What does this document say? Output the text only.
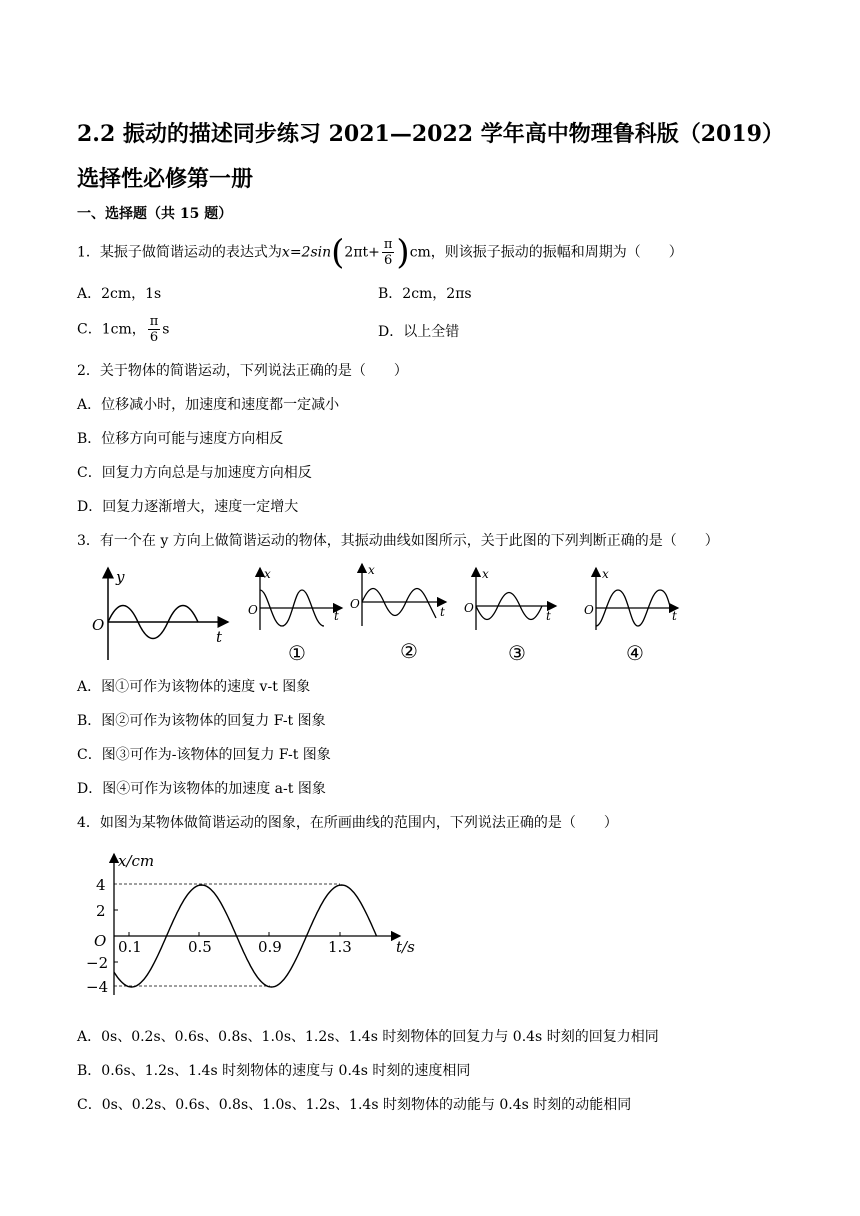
2.2 振动的描述同步练习 2021—2022 学年高中物理鲁科版（2019）选择性必修第一册
一、选择题（共 15 题）
1．某振子做简谐运动的表达式为$x=2\sin(2\pi t+ \frac{\pi}{6} )cm$，则该振子振动的振幅和周期为（　　）
A．2cm，1s	B．2cm，2πs
C．1cm， $\frac{\pi}{6}$ s	D．以上全错
2．关于物体的简谐运动，下列说法正确的是（　　）
A．位移减小时，加速度和速度都一定减小
B．位移方向可能与速度方向相反
C．回复力方向总是与加速度方向相反
D．回复力逐渐增大，速度一定增大
3．有一个在 y 方向上做简谐运动的物体，其振动曲线如图所示，关于此图的下列判断正确的是（　　）
y
O
t
x
O	t
①
x
O
t
②
x
O
t
③
x
O	t
④
A．图①可作为该物体的速度 v-t 图象
B．图②可作为该物体的回复力 F-t 图象
C．图③可作为-该物体的回复力 F-t 图象
D．图④可作为该物体的加速度 a-t 图象
4．如图为某物体做简谐运动的图象，在所画曲线的范围内，下列说法正确的是（　　）
x/cm
t/s
O
4
2
−2
−4
0.1	0.5	0.9	1.3
A．0s、0.2s、0.6s、0.8s、1.0s、1.2s、1.4s 时刻物体的回复力与 0.4s 时刻的回复力相同
B．0.6s、1.2s、1.4s 时刻物体的速度与 0.4s 时刻的速度相同
C．0s、0.2s、0.6s、0.8s、1.0s、1.2s、1.4s 时刻物体的动能与 0.4s 时刻的动能相同
